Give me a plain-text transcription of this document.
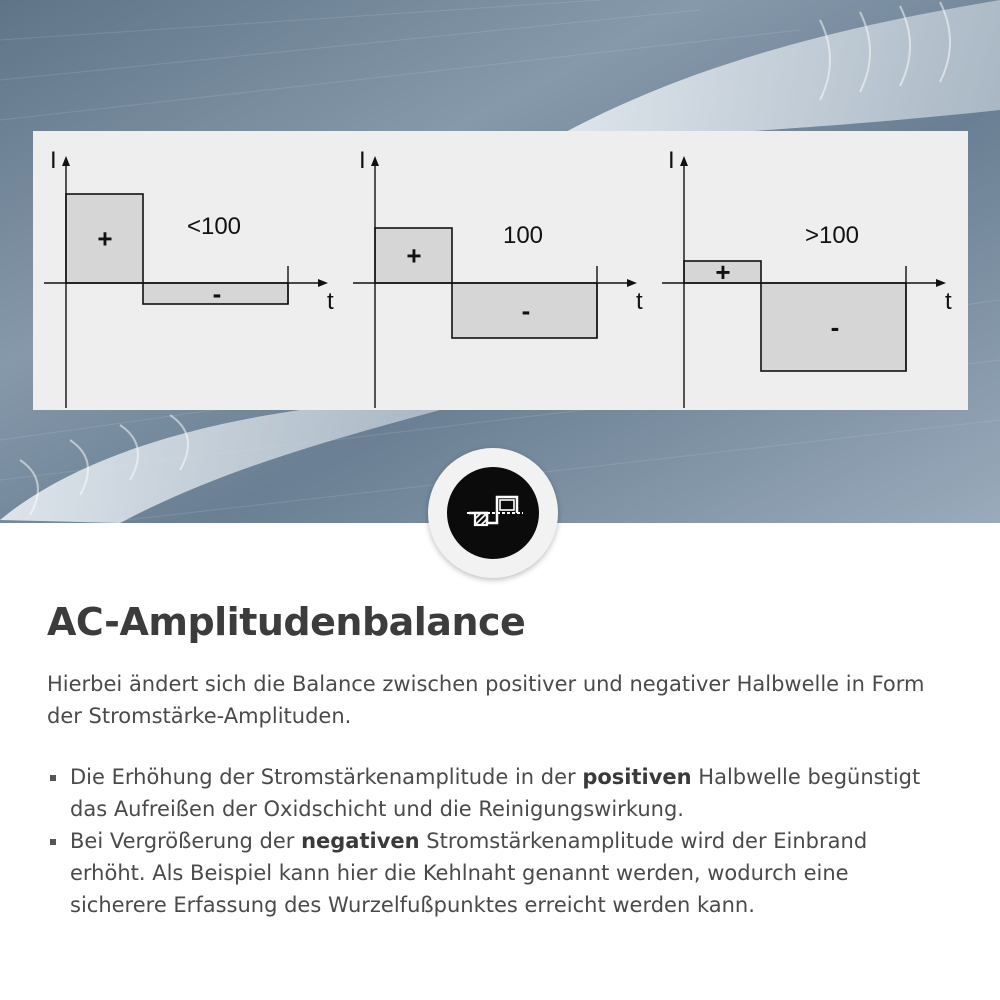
I
t
+
-
<100
I
t
+
-
100
I
t
+
-
>100
AC-Amplitudenbalance

Hierbei ändert sich die Balance zwischen positiver und negativer Halbwelle in Form der Stromstärke-Amplituden.

Die Erhöhung der Stromstärkenamplitude in der positiven Halbwelle begünstigt das Aufreißen der Oxidschicht und die Reinigungswirkung.
Bei Vergrößerung der negativen Stromstärkenamplitude wird der Einbrand erhöht. Als Beispiel kann hier die Kehlnaht genannt werden, wodurch eine sicherere Erfassung des Wurzelfußpunktes erreicht werden kann.
